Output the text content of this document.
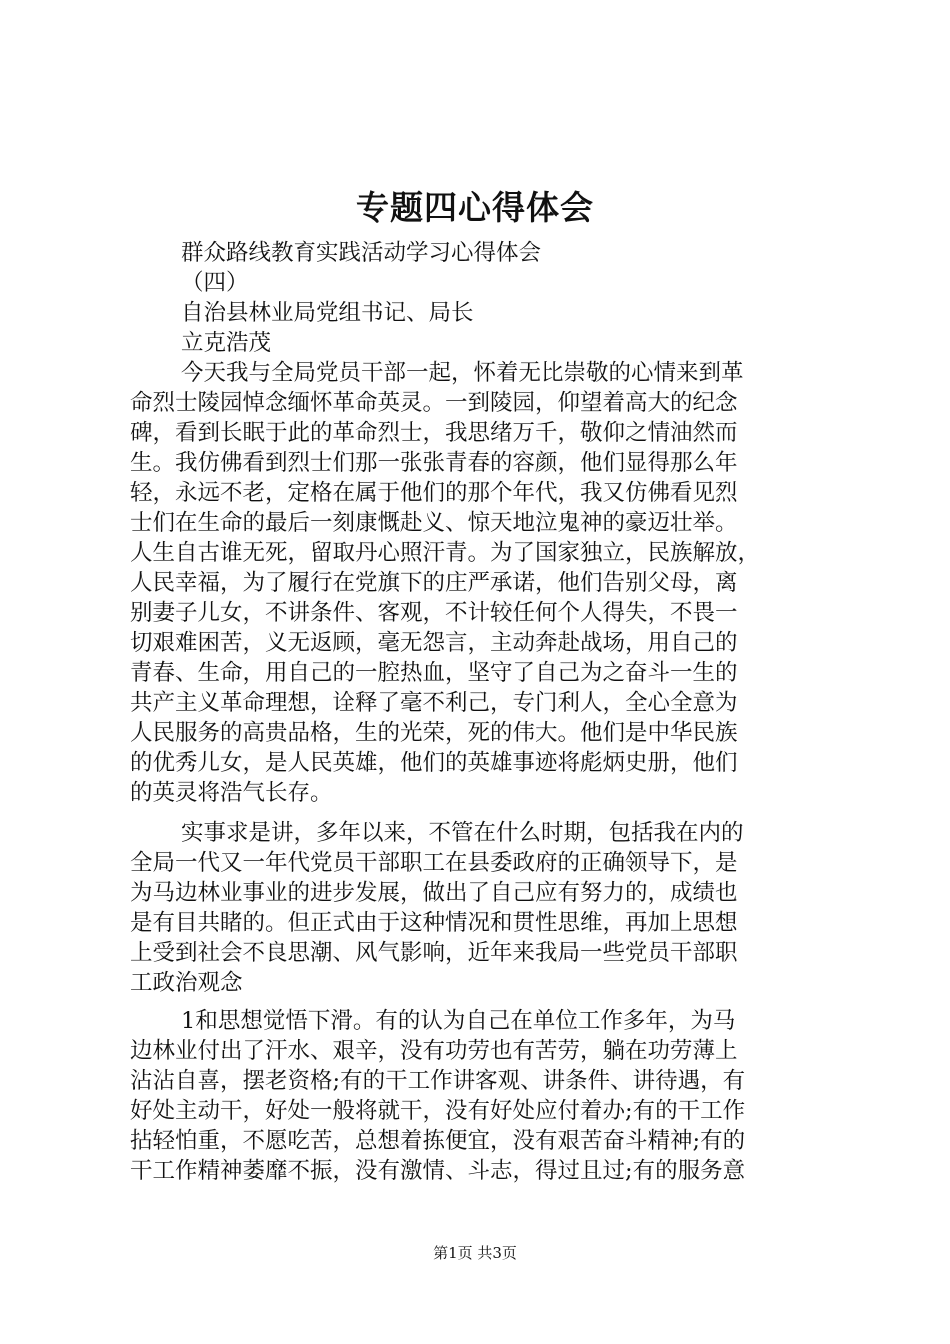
专题四心得体会
群众路线教育实践活动学习心得体会
（四）
自治县林业局党组书记、局长
立克浩茂
今天我与全局党员干部一起，怀着无比崇敬的心情来到革
命烈士陵园悼念缅怀革命英灵。一到陵园，仰望着高大的纪念
碑，看到长眠于此的革命烈士，我思绪万千，敬仰之情油然而
生。我仿佛看到烈士们那一张张青春的容颜，他们显得那么年
轻，永远不老，定格在属于他们的那个年代，我又仿佛看见烈
士们在生命的最后一刻康慨赴义、惊天地泣鬼神的豪迈壮举。
人生自古谁无死，留取丹心照汗青。为了国家独立，民族解放，
人民幸福，为了履行在党旗下的庄严承诺，他们告别父母，离
别妻子儿女，不讲条件、客观，不计较任何个人得失，不畏一
切艰难困苦，义无返顾，毫无怨言，主动奔赴战场，用自己的
青春、生命，用自己的一腔热血，坚守了自己为之奋斗一生的
共产主义革命理想，诠释了毫不利己，专门利人，全心全意为
人民服务的高贵品格，生的光荣，死的伟大。他们是中华民族
的优秀儿女，是人民英雄，他们的英雄事迹将彪炳史册，他们
的英灵将浩气长存。
实事求是讲，多年以来，不管在什么时期，包括我在内的
全局一代又一年代党员干部职工在县委政府的正确领导下，是
为马边林业事业的进步发展，做出了自己应有努力的，成绩也
是有目共睹的。但正式由于这种情况和贯性思维，再加上思想
上受到社会不良思潮、风气影响，近年来我局一些党员干部职
工政治观念
1和思想觉悟下滑。有的认为自己在单位工作多年，为马
边林业付出了汗水、艰辛，没有功劳也有苦劳，躺在功劳薄上
沾沾自喜，摆老资格;有的干工作讲客观、讲条件、讲待遇，有
好处主动干，好处一般将就干，没有好处应付着办;有的干工作
拈轻怕重，不愿吃苦，总想着拣便宜，没有艰苦奋斗精神;有的
干工作精神萎靡不振，没有激情、斗志，得过且过;有的服务意
第1页 共3页
